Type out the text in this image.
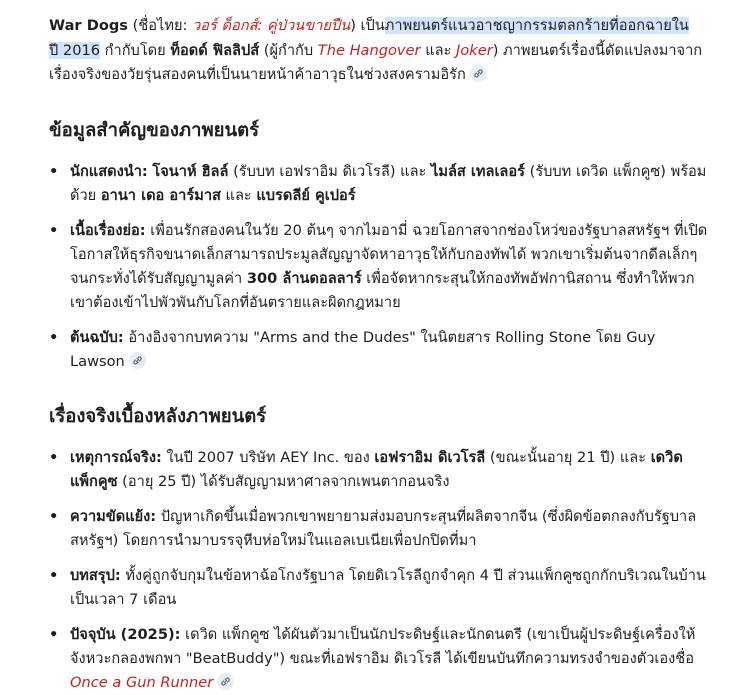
War Dogs (ชื่อไทย: วอร์ ด็อกส์: คู่ป่วนขายปืน) เป็นภาพยนตร์แนวอาชญากรรมตลกร้ายที่ออกฉายใน
ปี 2016 กำกับโดย ท็อดด์ ฟิลลิปส์ (ผู้กำกับ The Hangover และ Joker) ภาพยนตร์เรื่องนี้ดัดแปลงมาจากเรื่องจริงของวัยรุ่นสองคนที่เป็นนายหน้าค้าอาวุธในช่วงสงครามอิรัก

ข้อมูลสำคัญของภาพยนตร์
• นักแสดงนำ: โจนาห์ ฮิลล์ (รับบท เอฟราอิม ดิเวโรลี) และ ไมล์ส เทลเลอร์ (รับบท เดวิด แพ็กคูซ) พร้อมด้วย อานา เดอ อาร์มาส และ แบรดลีย์ คูเปอร์
• เนื้อเรื่องย่อ: เพื่อนรักสองคนในวัย 20 ต้นๆ จากไมอามี่ ฉวยโอกาสจากช่องโหว่ของรัฐบาลสหรัฐฯ ที่เปิดโอกาสให้ธุรกิจขนาดเล็กสามารถประมูลสัญญาจัดหาอาวุธให้กับกองทัพได้ พวกเขาเริ่มต้นจากดีลเล็กๆ จนกระทั่งได้รับสัญญามูลค่า 300 ล้านดอลลาร์ เพื่อจัดหากระสุนให้กองทัพอัฟกานิสถาน ซึ่งทำให้พวกเขาต้องเข้าไปพัวพันกับโลกที่อันตรายและผิดกฎหมาย
• ต้นฉบับ: อ้างอิงจากบทความ "Arms and the Dudes" ในนิตยสาร Rolling Stone โดย Guy Lawson
เรื่องจริงเบื้องหลังภาพยนตร์
• เหตุการณ์จริง: ในปี 2007 บริษัท AEY Inc. ของ เอฟราอิม ดิเวโรลี (ขณะนั้นอายุ 21 ปี) และ เดวิด แพ็กคูซ (อายุ 25 ปี) ได้รับสัญญามหาศาลจากเพนตากอนจริง
• ความขัดแย้ง: ปัญหาเกิดขึ้นเมื่อพวกเขาพยายามส่งมอบกระสุนที่ผลิตจากจีน (ซึ่งผิดข้อตกลงกับรัฐบาลสหรัฐฯ) โดยการนำมาบรรจุหีบห่อใหม่ในแอลเบเนียเพื่อปกปิดที่มา
• บทสรุป: ทั้งคู่ถูกจับกุมในข้อหาฉ้อโกงรัฐบาล โดยดิเวโรลีถูกจำคุก 4 ปี ส่วนแพ็กคูซถูกกักบริเวณในบ้านเป็นเวลา 7 เดือน
• ปัจจุบัน (2025): เดวิด แพ็กคูซ ได้ผันตัวมาเป็นนักประดิษฐ์และนักดนตรี (เขาเป็นผู้ประดิษฐ์เครื่องให้จังหวะกลองพกพา "BeatBuddy") ขณะที่เอฟราอิม ดิเวโรลี ได้เขียนบันทึกความทรงจำของตัวเองชื่อ Once a Gun Runner
